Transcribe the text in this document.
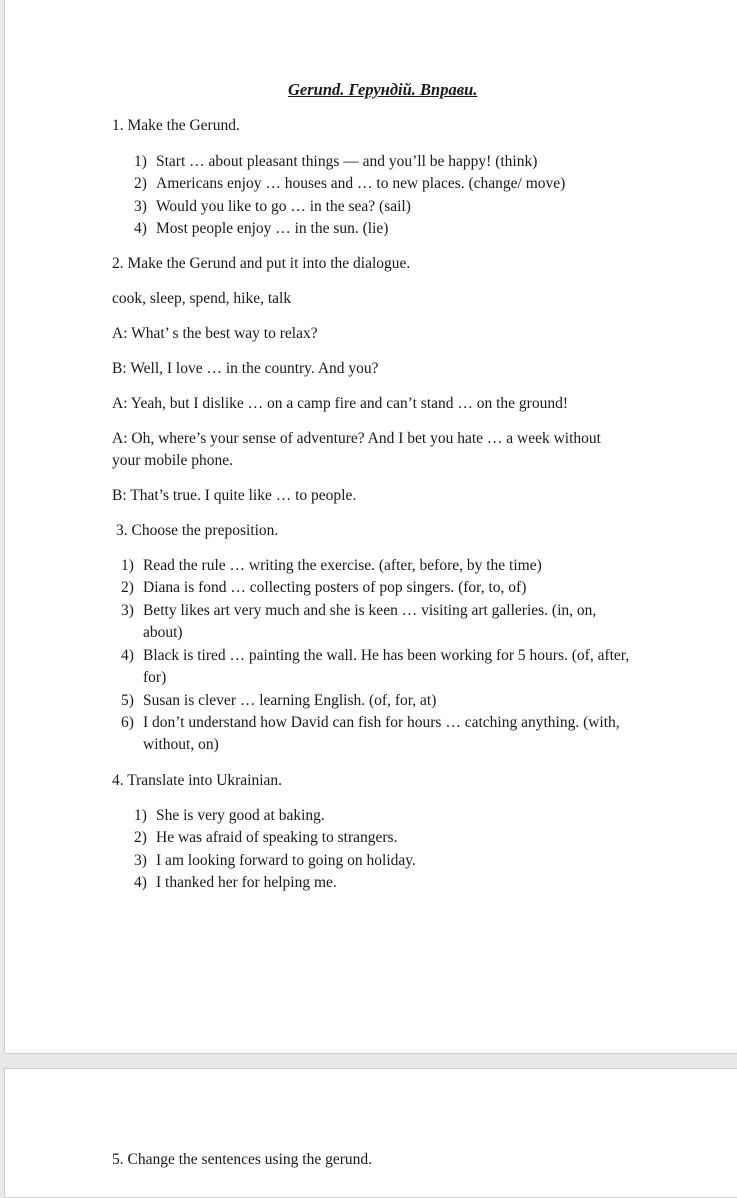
Gerund. Герундій. Вправи.
1. Make the Gerund.
1) Start … about pleasant things — and you’ll be happy! (think)
2) Americans enjoy … houses and … to new places. (change/ move)
3) Would you like to go … in the sea? (sail)
4) Most people enjoy … in the sun. (lie)
2. Make the Gerund and put it into the dialogue.
cook, sleep, spend, hike, talk
A: What’ s the best way to relax?
B: Well, I love … in the country. And you?
A: Yeah, but I dislike … on a camp fire and can’t stand … on the ground!
A: Oh, where’s your sense of adventure? And I bet you hate … a week without
your mobile phone.
B: That’s true. I quite like … to people.
3. Choose the preposition.
1) Read the rule … writing the exercise. (after, before, by the time)
2) Diana is fond … collecting posters of pop singers. (for, to, of)
3) Betty likes art very much and she is keen … visiting art galleries. (in, on,
about)
4) Black is tired … painting the wall. He has been working for 5 hours. (of, after,
for)
5) Susan is clever … learning English. (of, for, at)
6) I don’t understand how David can fish for hours … catching anything. (with,
without, on)
4. Translate into Ukrainian.
1) She is very good at baking.
2) He was afraid of speaking to strangers.
3) I am looking forward to going on holiday.
4) I thanked her for helping me.
5. Change the sentences using the gerund.
